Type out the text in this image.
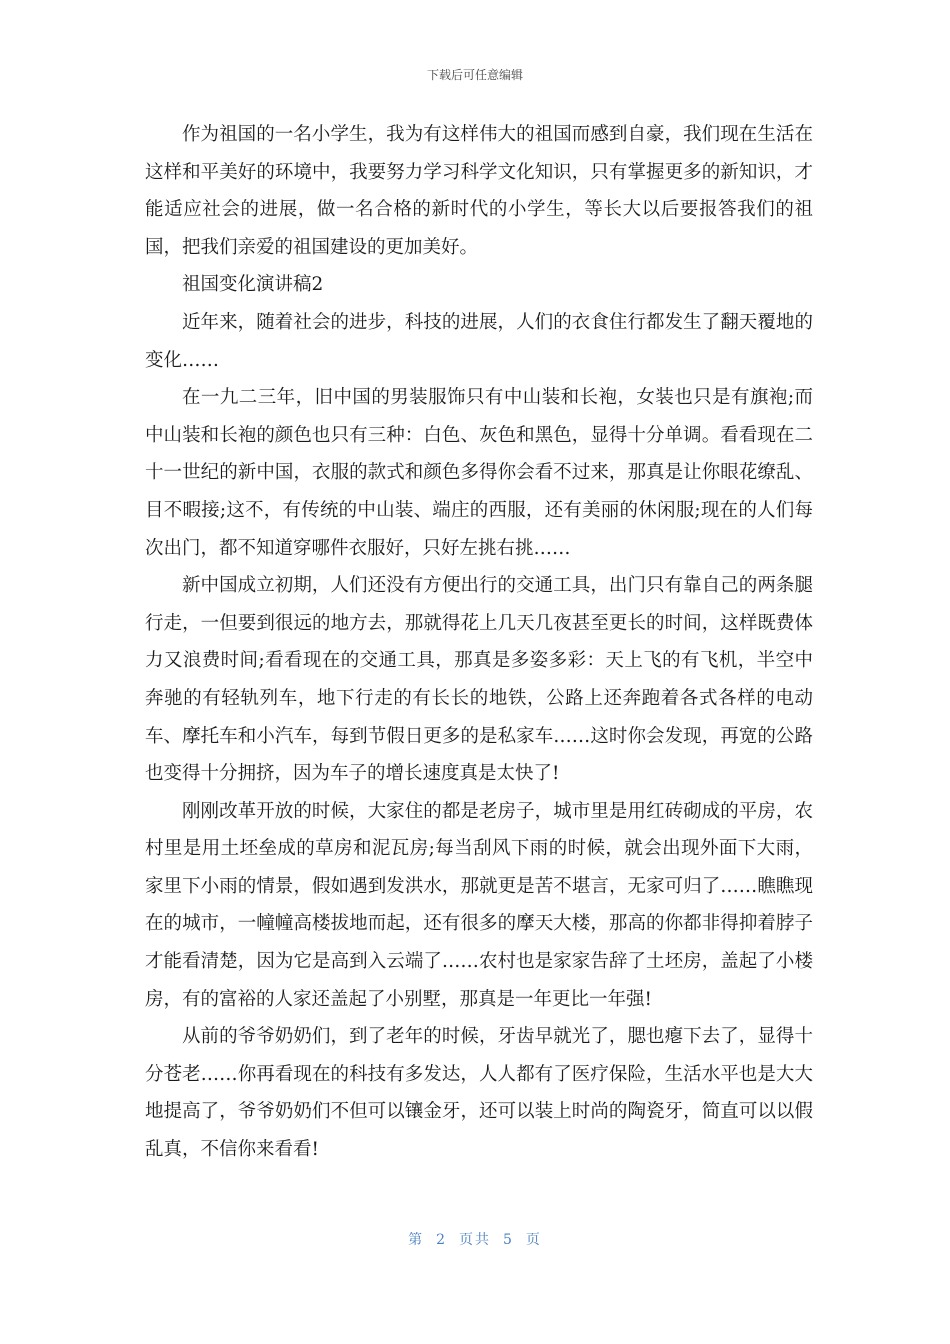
下载后可任意编辑

作为祖国的一名小学生，我为有这样伟大的祖国而感到自豪，我们现在生活在这样和平美好的环境中，我要努力学习科学文化知识，只有掌握更多的新知识，才能适应社会的进展，做一名合格的新时代的小学生，等长大以后要报答我们的祖国，把我们亲爱的祖国建设的更加美好。

祖国变化演讲稿2

近年来，随着社会的进步，科技的进展，人们的衣食住行都发生了翻天覆地的变化……

在一九二三年，旧中国的男装服饰只有中山装和长袍，女装也只是有旗袍;而中山装和长袍的颜色也只有三种：白色、灰色和黑色，显得十分单调。看看现在二十一世纪的新中国，衣服的款式和颜色多得你会看不过来，那真是让你眼花缭乱、目不暇接;这不，有传统的中山装、端庄的西服，还有美丽的休闲服;现在的人们每次出门，都不知道穿哪件衣服好，只好左挑右挑……

新中国成立初期，人们还没有方便出行的交通工具，出门只有靠自己的两条腿行走，一但要到很远的地方去，那就得花上几天几夜甚至更长的时间，这样既费体力又浪费时间;看看现在的交通工具，那真是多姿多彩：天上飞的有飞机，半空中奔驰的有轻轨列车，地下行走的有长长的地铁，公路上还奔跑着各式各样的电动车、摩托车和小汽车，每到节假日更多的是私家车……这时你会发现，再宽的公路也变得十分拥挤，因为车子的增长速度真是太快了!

刚刚改革开放的时候，大家住的都是老房子，城市里是用红砖砌成的平房，农村里是用土坯垒成的草房和泥瓦房;每当刮风下雨的时候，就会出现外面下大雨，家里下小雨的情景，假如遇到发洪水，那就更是苦不堪言，无家可归了……瞧瞧现在的城市，一幢幢高楼拔地而起，还有很多的摩天大楼，那高的你都非得抑着脖子才能看清楚，因为它是高到入云端了……农村也是家家告辞了土坯房，盖起了小楼房，有的富裕的人家还盖起了小别墅，那真是一年更比一年强!

从前的爷爷奶奶们，到了老年的时候，牙齿早就光了，腮也瘪下去了，显得十分苍老……你再看现在的科技有多发达，人人都有了医疗保险，生活水平也是大大地提高了，爷爷奶奶们不但可以镶金牙，还可以装上时尚的陶瓷牙，简直可以以假乱真，不信你来看看!

第 2 页共 5 页
